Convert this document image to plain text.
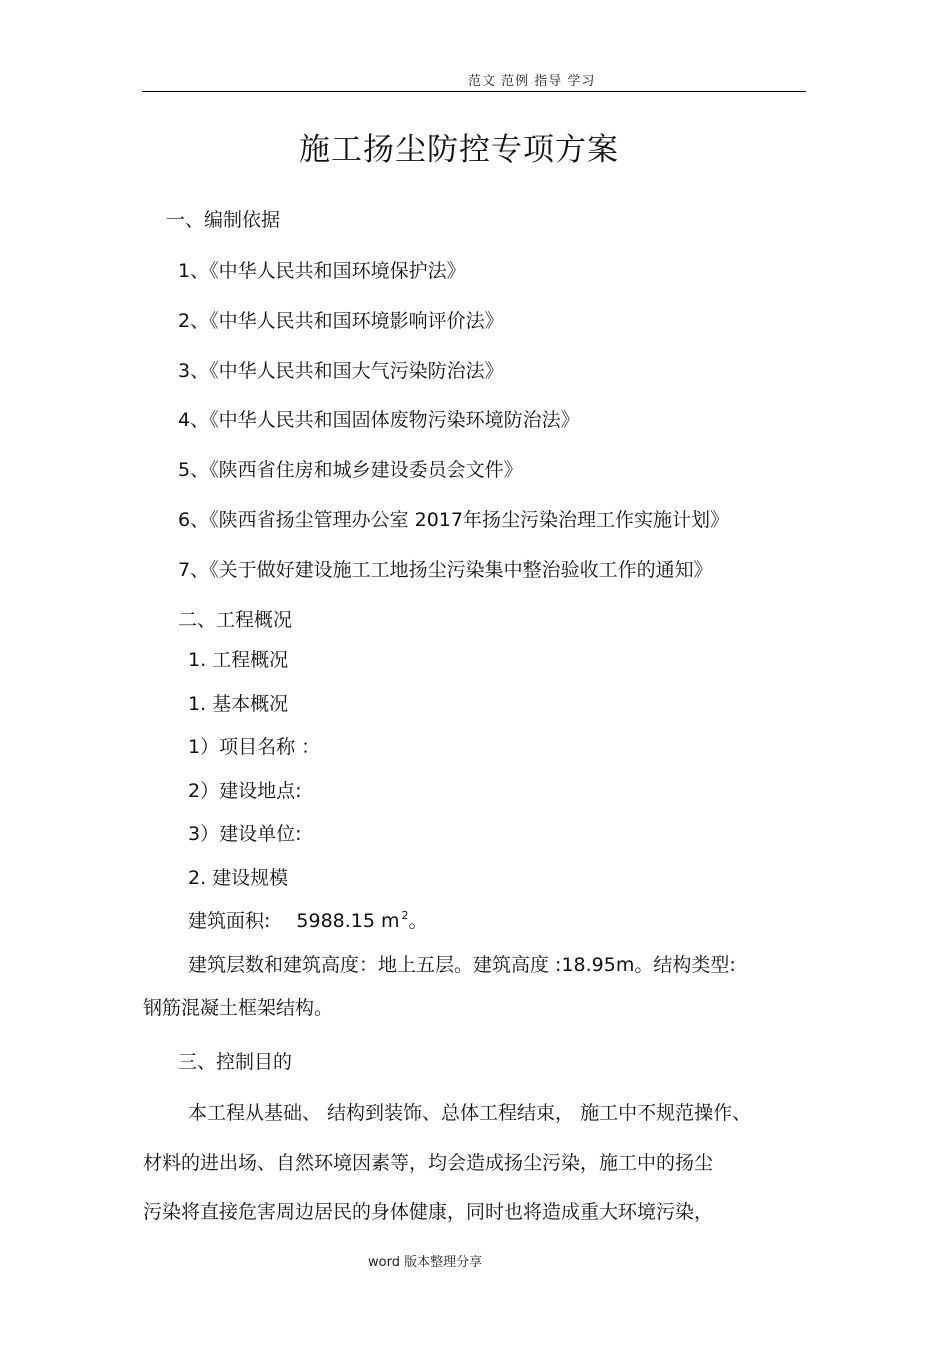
范文 范例 指导 学习
施工扬尘防控专项方案
一、编制依据
1、《中华人民共和国环境保护法》
2、《中华人民共和国环境影响评价法》
3、《中华人民共和国大气污染防治法》
4、《中华人民共和国固体废物污染环境防治法》
5、《陕西省住房和城乡建设委员会文件》
6、《陕西省扬尘管理办公室 2017年扬尘污染治理工作实施计划》
7、《关于做好建设施工工地扬尘污染集中整治验收工作的通知》
二、工程概况
1. 工程概况
1. 基本概况
1）项目名称 ：
2）建设地点:
3）建设单位:
2. 建设规模
建筑面积: 5988.15 m $^2$。
建筑层数和建筑高度：地上五层。建筑高度 :18.95m。结构类型:
钢筋混凝土框架结构。
三、控制目的
本工程从基础、 结构到装饰、总体工程结束， 施工中不规范操作、
材料的进出场、自然环境因素等，均会造成扬尘污染，施工中的扬尘
污染将直接危害周边居民的身体健康，同时也将造成重大环境污染，
word 版本整理分享
